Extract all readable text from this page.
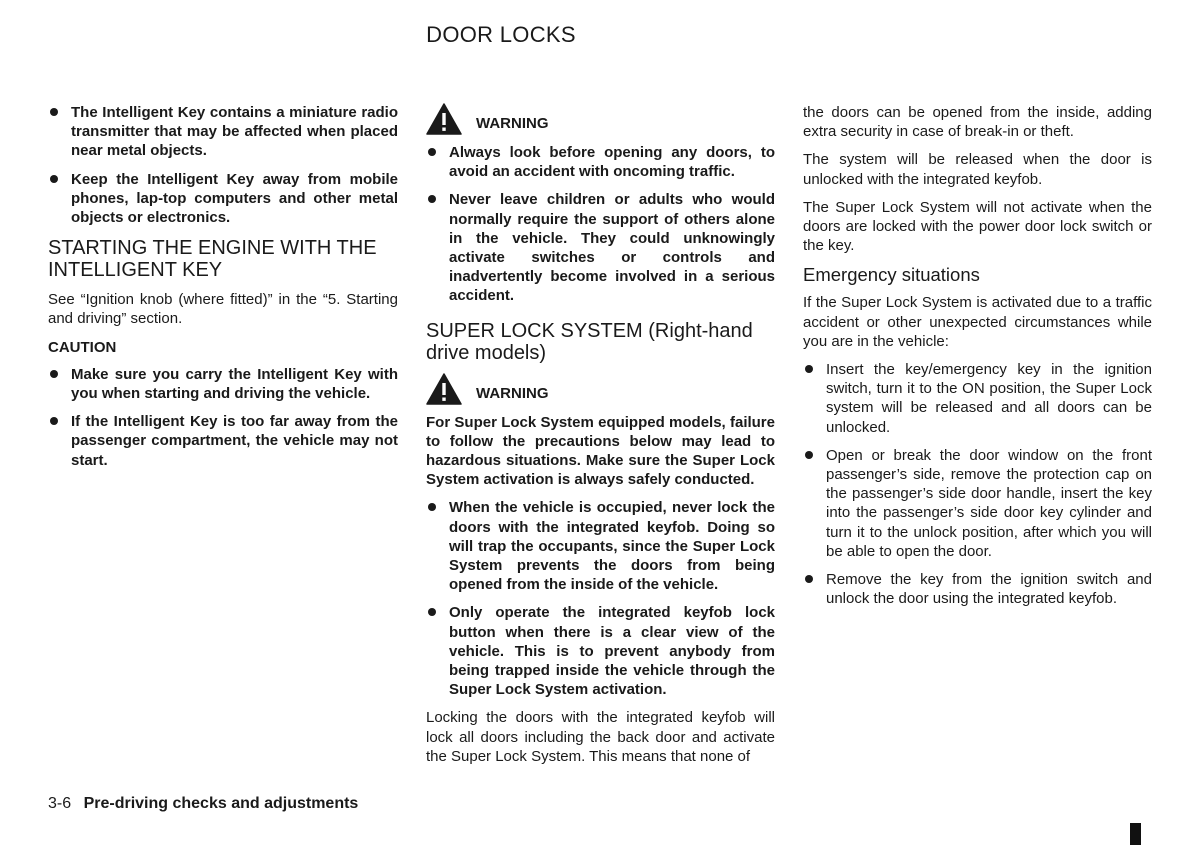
DOOR LOCKS
The Intelligent Key contains a miniature radio transmitter that may be affected when placed near metal objects.
Keep the Intelligent Key away from mobile phones, lap-top computers and other metal objects or electronics.
STARTING THE ENGINE WITH THE
INTELLIGENT KEY

See “Ignition knob (where fitted)” in the “5. Starting and driving” section.

CAUTION
Make sure you carry the Intelligent Key with you when starting and driving the vehicle.
If the Intelligent Key is too far away from the passenger compartment, the vehicle may not start.
WARNING
Always look before opening any doors, to avoid an accident with oncoming traffic.
Never leave children or adults who would normally require the support of others alone in the vehicle. They could unknowingly activate switches or controls and inadvertently become involved in a serious accident.
SUPER LOCK SYSTEM (Right-hand
drive models)
WARNING

For Super Lock System equipped models, failure to follow the precautions below may lead to hazardous situations. Make sure the Super Lock System activation is always safely conducted.

When the vehicle is occupied, never lock the doors with the integrated keyfob. Doing so will trap the occupants, since the Super Lock System prevents the doors from being opened from the inside of the vehicle.
Only operate the integrated keyfob lock button when there is a clear view of the vehicle. This is to prevent anybody from being trapped inside the vehicle through the Super Lock System activation.

Locking the doors with the integrated keyfob will lock all doors including the back door and activate the Super Lock System. This means that none of

the doors can be opened from the inside, adding extra security in case of break-in or theft.

The system will be released when the door is unlocked with the integrated keyfob.

The Super Lock System will not activate when the doors are locked with the power door lock switch or the key.

Emergency situations

If the Super Lock System is activated due to a traffic accident or other unexpected circumstances while you are in the vehicle:

Insert the key/emergency key in the ignition switch, turn it to the ON position, the Super Lock system will be released and all doors can be unlocked.
Open or break the door window on the front passenger’s side, remove the protection cap on the passenger’s side door handle, insert the key into the passenger’s side door key cylinder and turn it to the unlock position, after which you will be able to open the door.
Remove the key from the ignition switch and unlock the door using the integrated keyfob.
3-6 Pre-driving checks and adjustments
